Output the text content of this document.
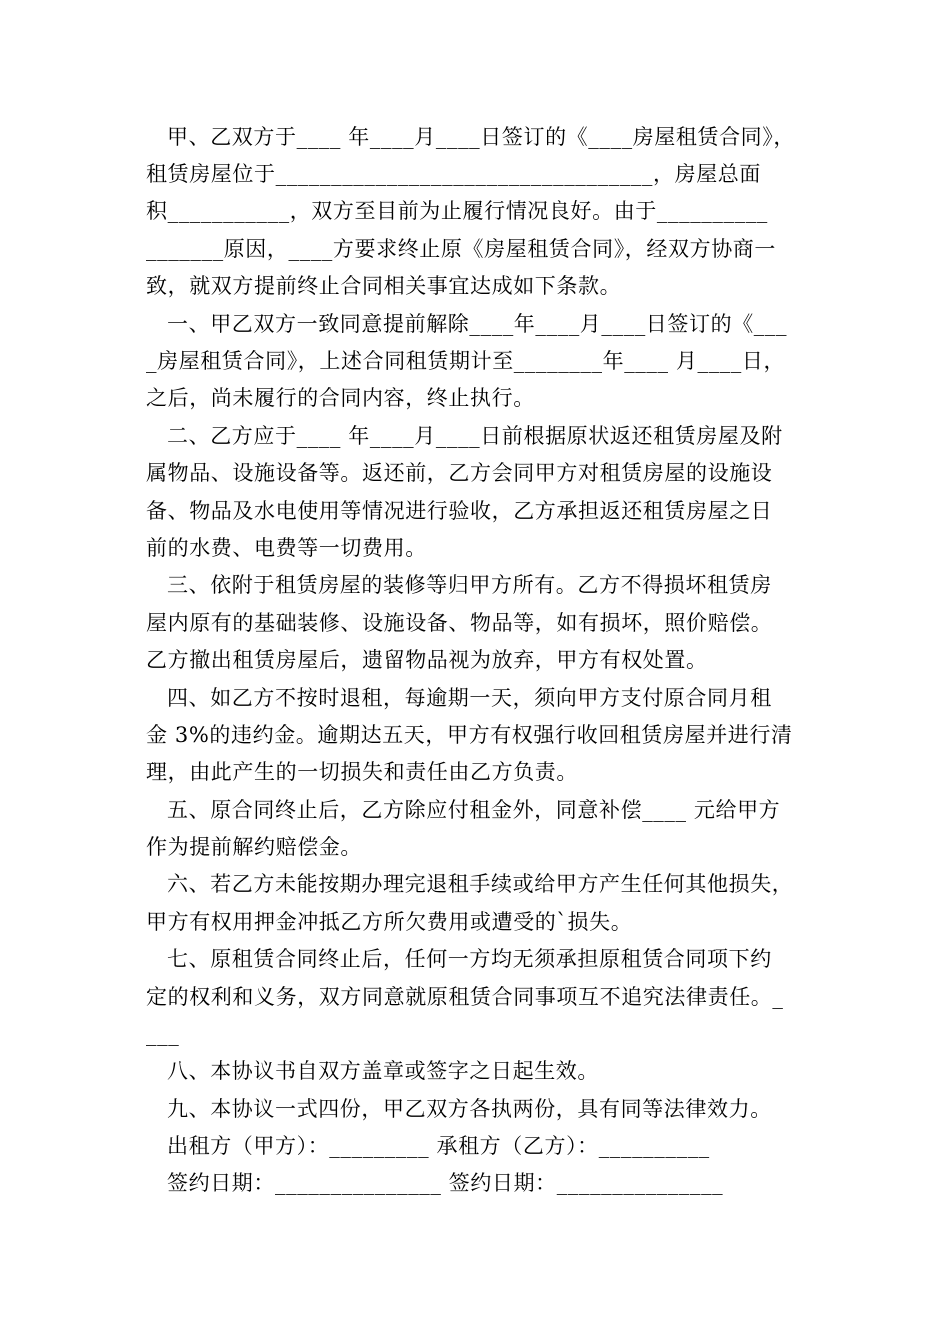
甲、乙双方于____ 年____月____日签订的《____房屋租赁合同》，
租赁房屋位于__________________________________，房屋总面
积___________，双方至目前为止履行情况良好。由于__________
_______原因，____方要求终止原《房屋租赁合同》，经双方协商一
致，就双方提前终止合同相关事宜达成如下条款。
一、甲乙双方一致同意提前解除____年____月____日签订的《___
_房屋租赁合同》，上述合同租赁期计至________年____ 月____日，
之后，尚未履行的合同内容，终止执行。
二、乙方应于____ 年____月____日前根据原状返还租赁房屋及附
属物品、设施设备等。返还前，乙方会同甲方对租赁房屋的设施设
备、物品及水电使用等情况进行验收，乙方承担返还租赁房屋之日
前的水费、电费等一切费用。
三、依附于租赁房屋的装修等归甲方所有。乙方不得损坏租赁房
屋内原有的基础装修、设施设备、物品等，如有损坏，照价赔偿。
乙方撤出租赁房屋后，遗留物品视为放弃，甲方有权处置。
四、如乙方不按时退租，每逾期一天，须向甲方支付原合同月租
金 3%的违约金。逾期达五天，甲方有权强行收回租赁房屋并进行清
理，由此产生的一切损失和责任由乙方负责。
五、原合同终止后，乙方除应付租金外，同意补偿____ 元给甲方
作为提前解约赔偿金。
六、若乙方未能按期办理完退租手续或给甲方产生任何其他损失，
甲方有权用押金冲抵乙方所欠费用或遭受的`损失。
七、原租赁合同终止后，任何一方均无须承担原租赁合同项下约
定的权利和义务，双方同意就原租赁合同事项互不追究法律责任。_
___
八、本协议书自双方盖章或签字之日起生效。
九、本协议一式四份，甲乙双方各执两份，具有同等法律效力。
出租方（甲方）：_________ 承租方（乙方）：__________
签约日期：_______________ 签约日期：_______________
